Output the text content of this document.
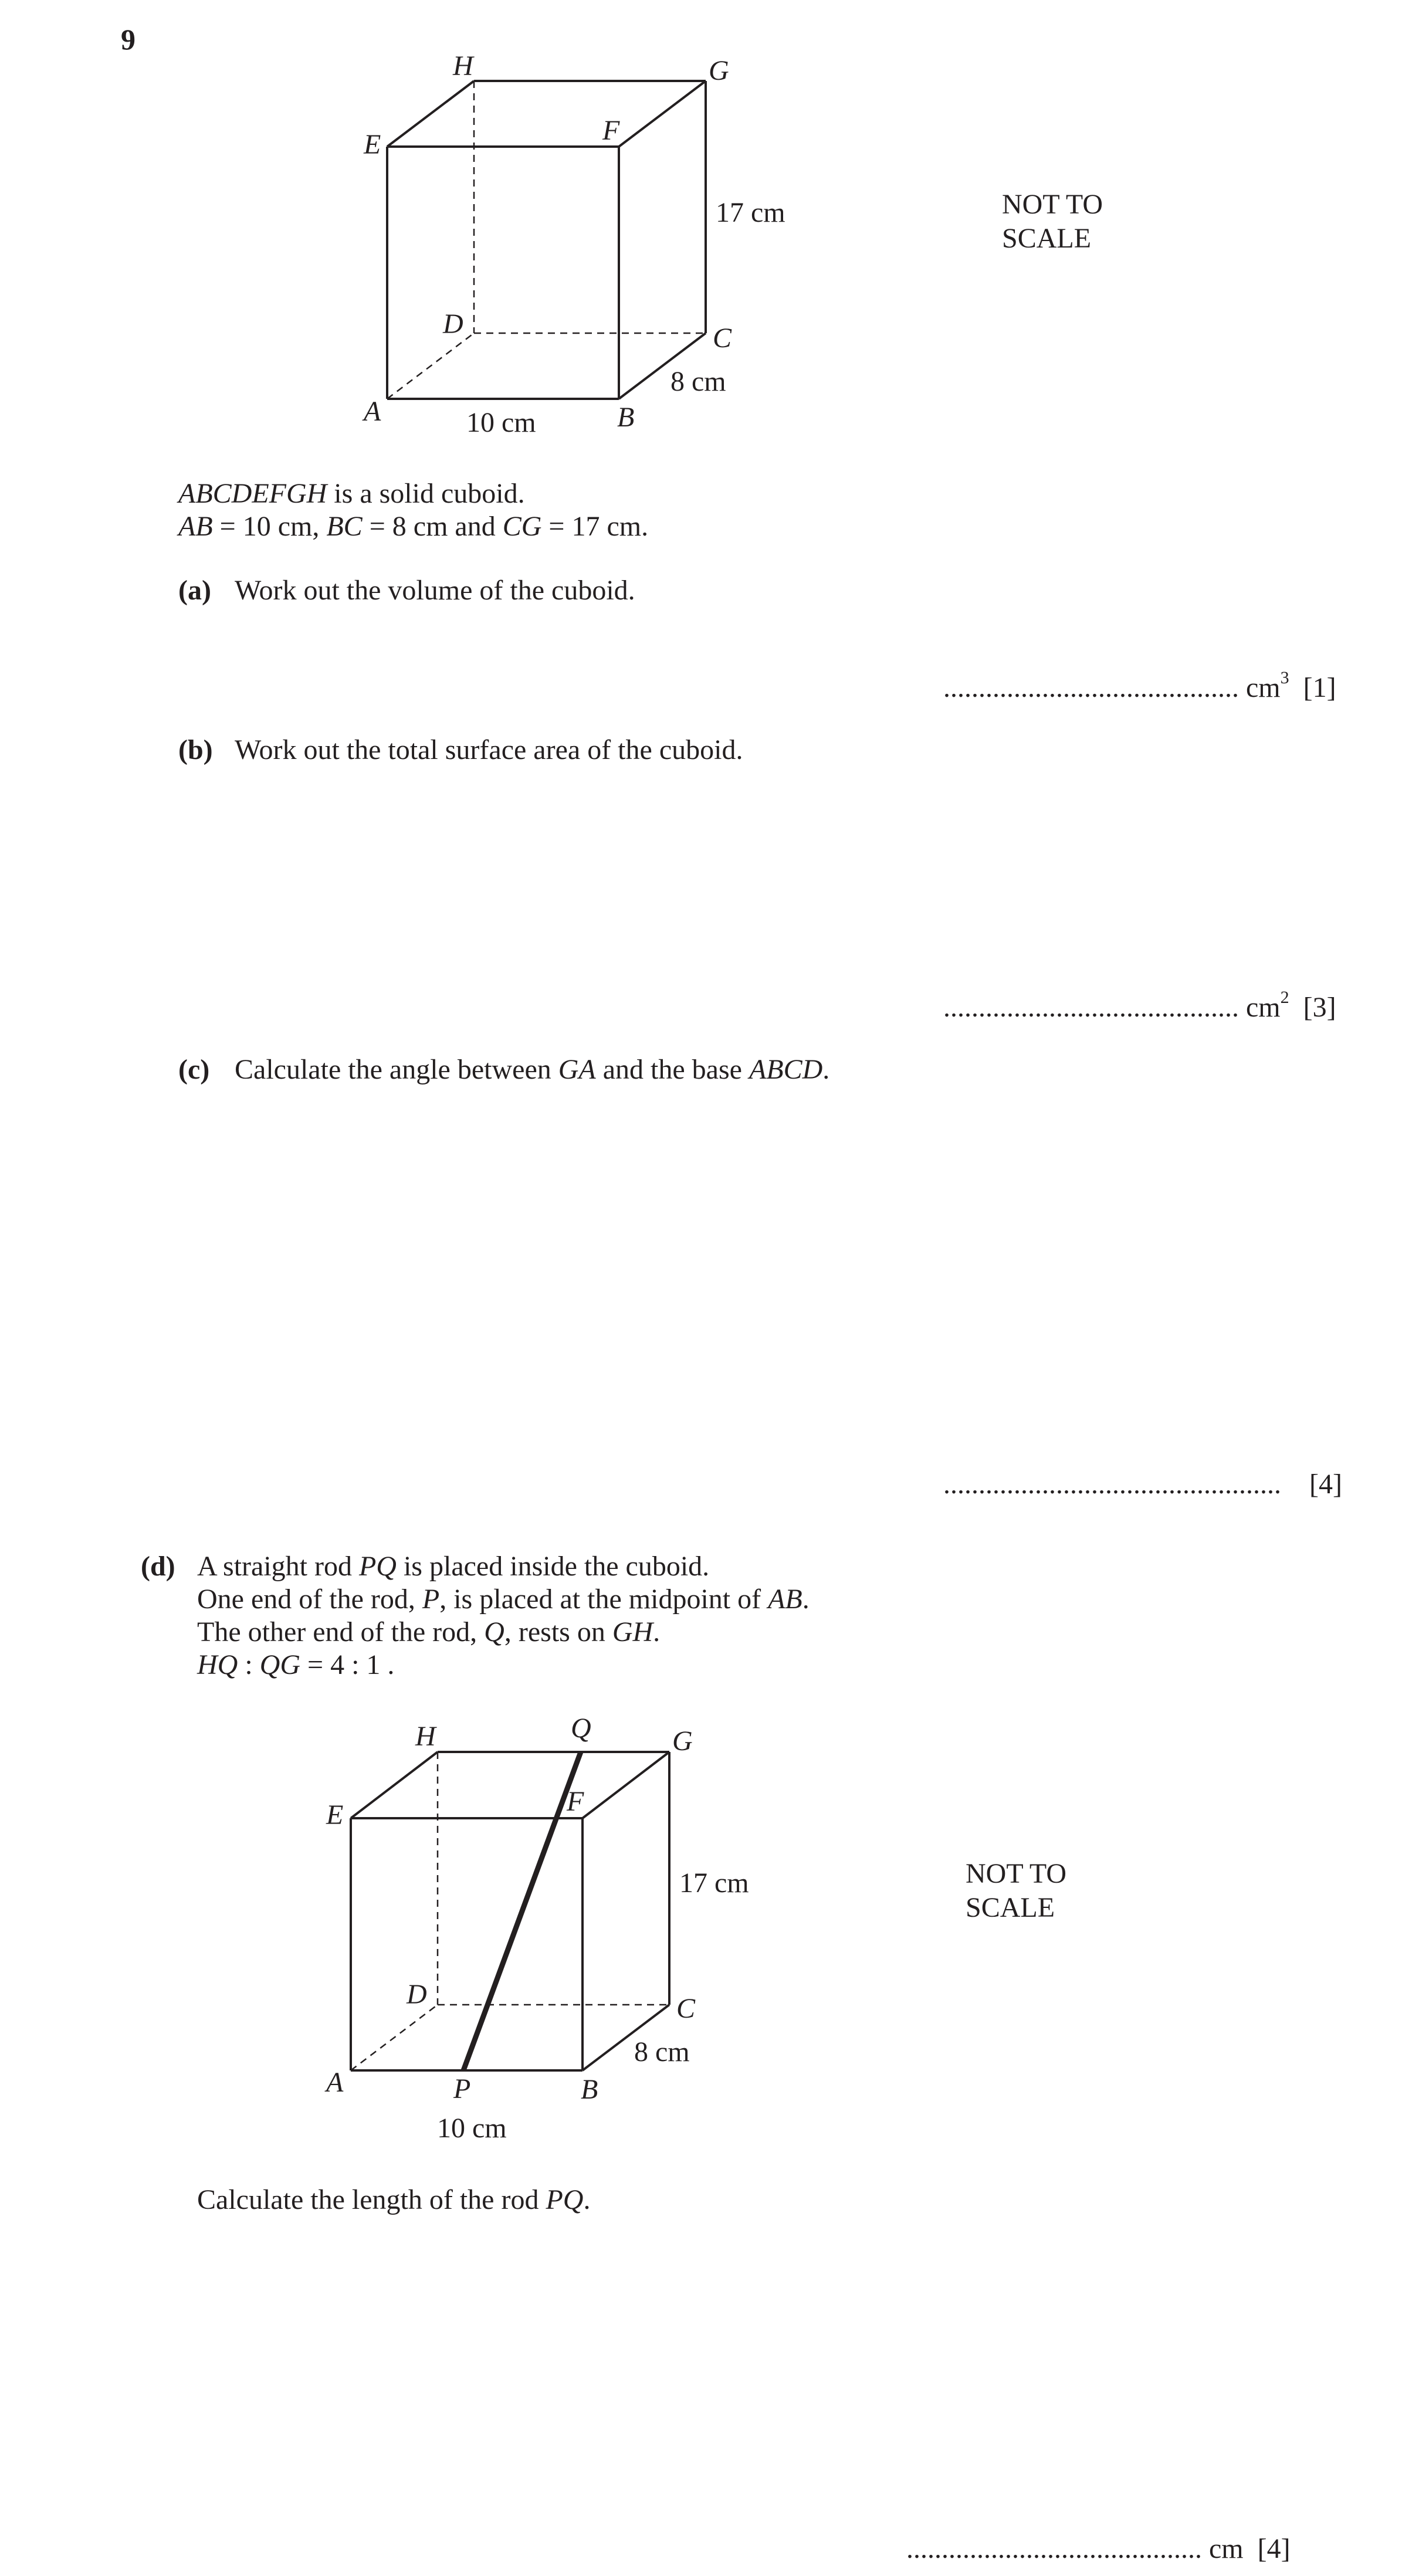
9
A	B
C
D
E	F
G
H
17 cm
8 cm
10 cm
NOT TO
SCALE
ABCDEFGH is a solid cuboid.
AB = 10 cm, BC = 8 cm and CG = 17 cm.
(a) Work out the volume of the cuboid.
.......................................... $cm^3$ [1]
(b) Work out the total surface area of the cuboid.
.......................................... $cm^2$ [3]
(c) Calculate the angle between GA and the base ABCD.
................................................ [4]
(d) A straight rod PQ is placed inside the cuboid.
One end of the rod, P, is placed at the midpoint of AB.
The other end of the rod, Q, rests on GH.
HQ : QG = 4 : 1 .
A	B
C
D
E	F
G
H	Q
P
17 cm
8 cm
10 cm
NOT TO
SCALE
Calculate the length of the rod PQ.
.......................................... cm [4]
